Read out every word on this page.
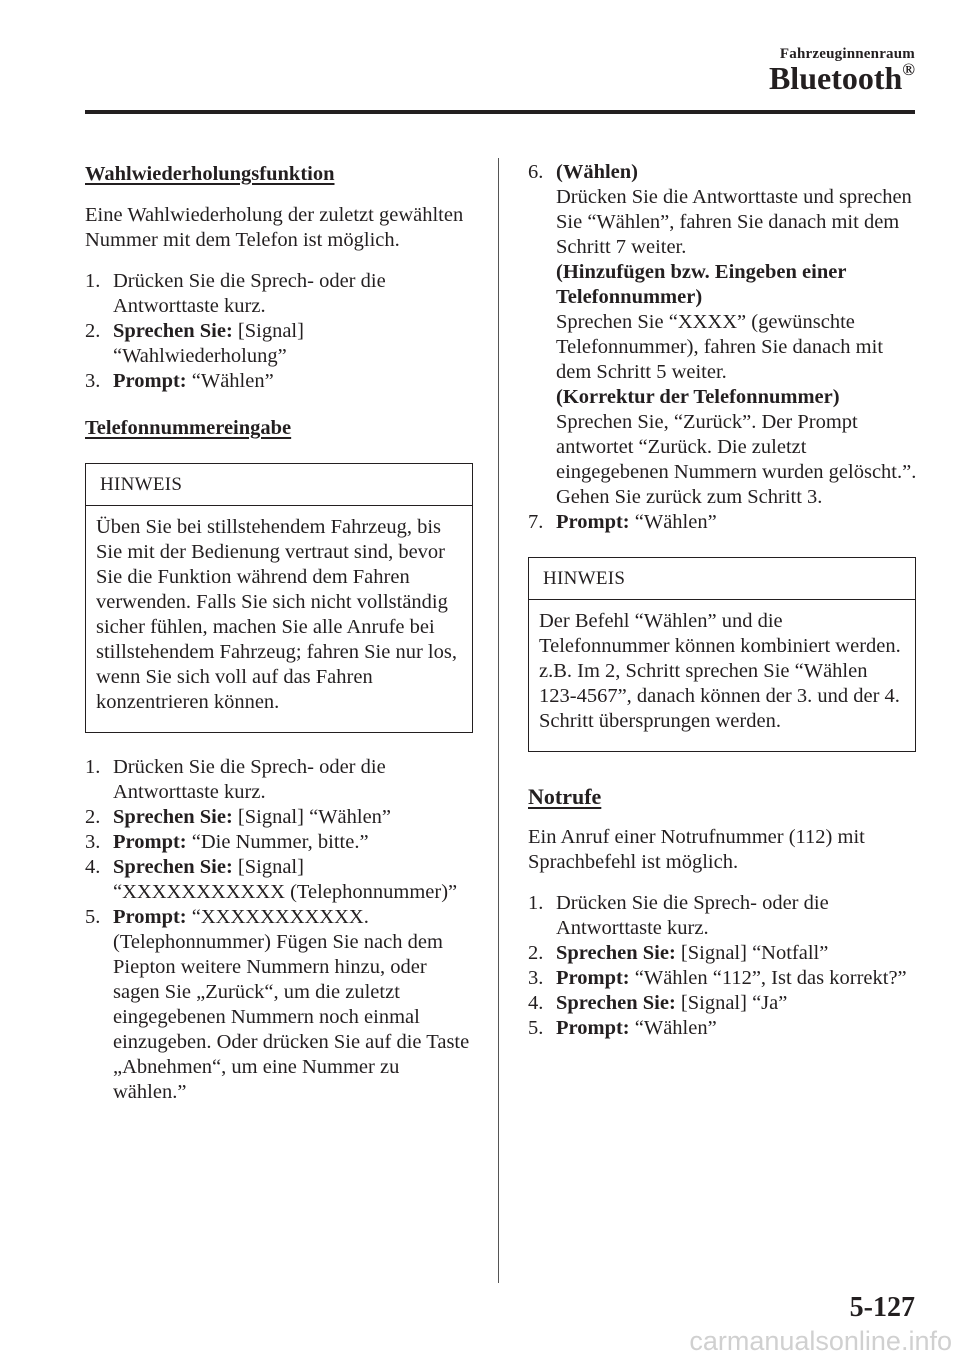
Fahrzeuginnenraum
Bluetooth®
Wahlwiederholungsfunktion

Eine Wahlwiederholung der zuletzt gewählten Nummer mit dem Telefon ist möglich.

1. Drücken Sie die Sprech- oder die Antworttaste kurz.
2. Sprechen Sie: [Signal] “Wahlwiederholung”
3. Prompt: “Wählen”
Telefonnummereingabe
HINWEIS
Üben Sie bei stillstehendem Fahrzeug, bis Sie mit der Bedienung vertraut sind, bevor Sie die Funktion während dem Fahren verwenden. Falls Sie sich nicht vollständig sicher fühlen, machen Sie alle Anrufe bei stillstehendem Fahrzeug; fahren Sie nur los, wenn Sie sich voll auf das Fahren konzentrieren können.
1. Drücken Sie die Sprech- oder die Antworttaste kurz.
2. Sprechen Sie: [Signal] “Wählen”
3. Prompt: “Die Nummer, bitte.”
4. Sprechen Sie: [Signal] “XXXXXXXXXXX (Telephonnummer)”
5. Prompt: “XXXXXXXXXXX. (Telephonnummer) Fügen Sie nach dem Piepton weitere Nummern hinzu, oder sagen Sie „Zurück“, um die zuletzt eingegebenen Nummern noch einmal einzugeben. Oder drücken Sie auf die Taste „Abnehmen“, um eine Nummer zu wählen.”
6. (Wählen)
Drücken Sie die Antworttaste und sprechen Sie “Wählen”, fahren Sie danach mit dem Schritt 7 weiter.
(Hinzufügen bzw. Eingeben einer Telefonnummer)
Sprechen Sie “XXXX” (gewünschte Telefonnummer), fahren Sie danach mit dem Schritt 5 weiter.
(Korrektur der Telefonnummer)
Sprechen Sie, “Zurück”. Der Prompt antwortet “Zurück. Die zuletzt eingegebenen Nummern wurden gelöscht.”. Gehen Sie zurück zum Schritt 3.
7. Prompt: “Wählen”
HINWEIS
Der Befehl “Wählen” und die Telefonnummer können kombiniert werden.
z.B. Im 2, Schritt sprechen Sie “Wählen 123-4567”, danach können der 3. und der 4. Schritt übersprungen werden.
Notrufe

Ein Anruf einer Notrufnummer (112) mit Sprachbefehl ist möglich.

1. Drücken Sie die Sprech- oder die Antworttaste kurz.
2. Sprechen Sie: [Signal] “Notfall”
3. Prompt: “Wählen “112”, Ist das korrekt?”
4. Sprechen Sie: [Signal] “Ja”
5. Prompt: “Wählen”
5-127
carmanualsonline.info
